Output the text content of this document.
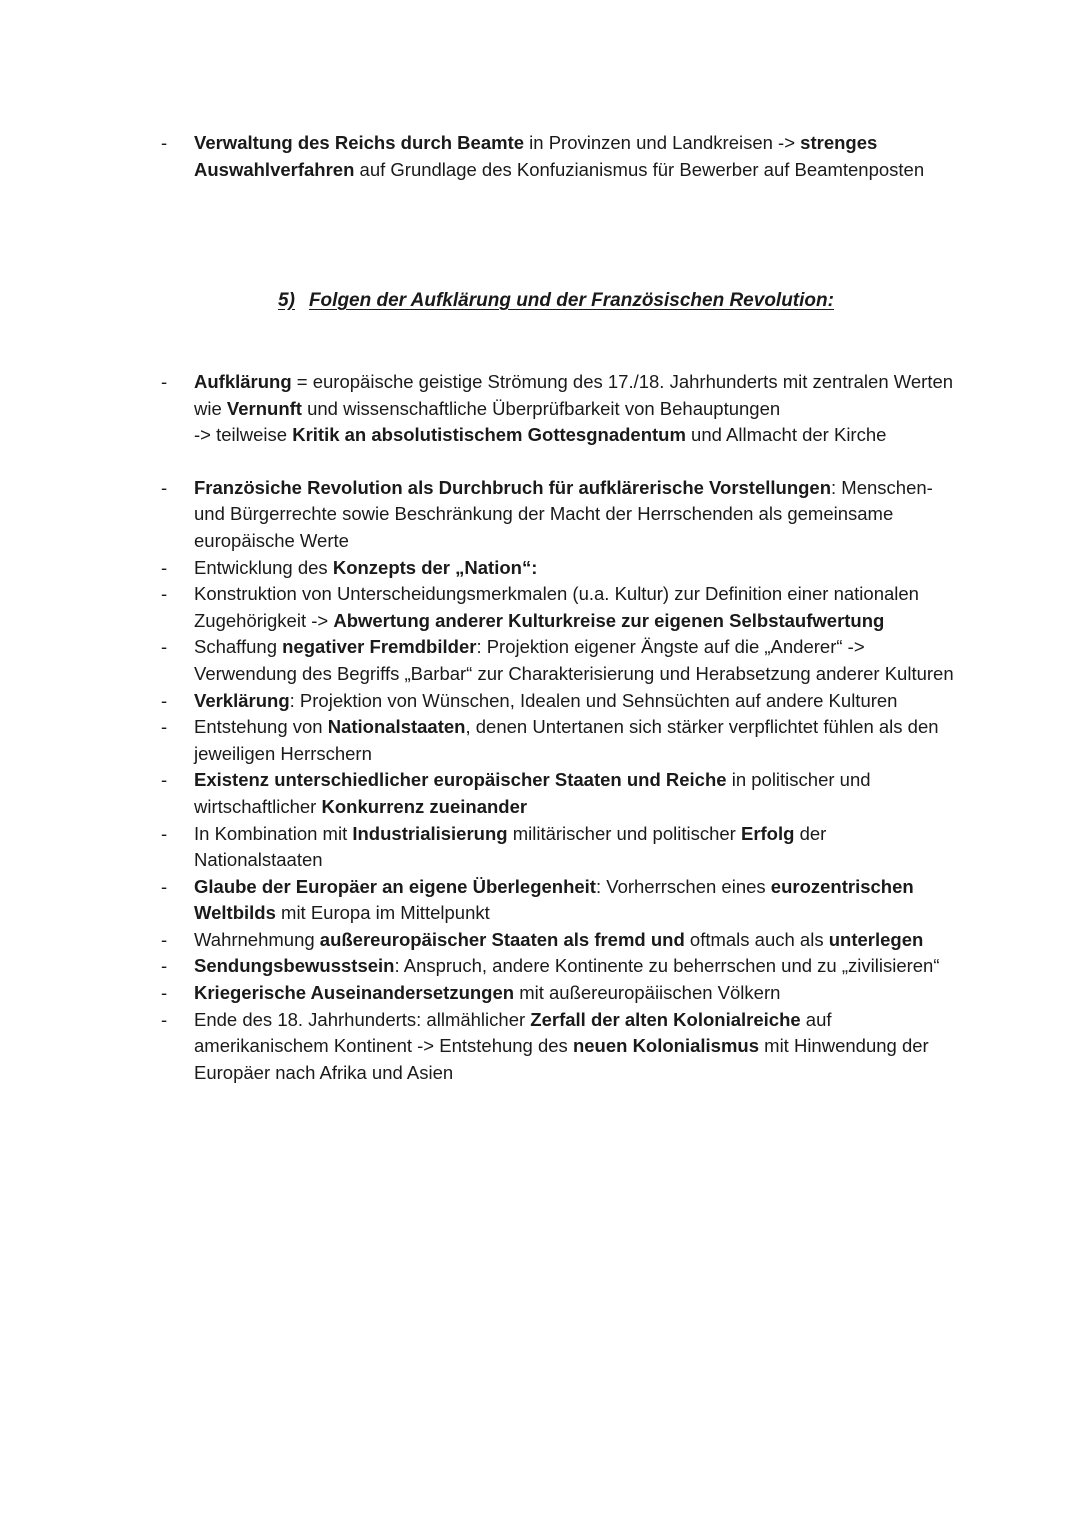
- Verwaltung des Reichs durch Beamte in Provinzen und Landkreisen -> strenges Auswahlverfahren auf Grundlage des Konfuzianismus für Bewerber auf Beamtenposten
5) Folgen der Aufklärung und der Französischen Revolution:
- Aufklärung = europäische geistige Strömung des 17./18. Jahrhunderts mit zentralen Werten wie Vernunft und wissenschaftliche Überprüfbarkeit von Behauptungen
-> teilweise Kritik an absolutistischem Gottesgnadentum und Allmacht der Kirche
- Französiche Revolution als Durchbruch für aufklärerische Vorstellungen: Menschen- und Bürgerrechte sowie Beschränkung der Macht der Herrschenden als gemeinsame europäische Werte
- Entwicklung des Konzepts der „Nation“:
- Konstruktion von Unterscheidungsmerkmalen (u.a. Kultur) zur Definition einer nationalen Zugehörigkeit -> Abwertung anderer Kulturkreise zur eigenen Selbstaufwertung
- Schaffung negativer Fremdbilder: Projektion eigener Ängste auf die „Anderer“ -> Verwendung des Begriffs „Barbar“ zur Charakterisierung und Herabsetzung anderer Kulturen
- Verklärung: Projektion von Wünschen, Idealen und Sehnsüchten auf andere Kulturen
- Entstehung von Nationalstaaten, denen Untertanen sich stärker verpflichtet fühlen als den jeweiligen Herrschern
- Existenz unterschiedlicher europäischer Staaten und Reiche in politischer und wirtschaftlicher Konkurrenz zueinander
- In Kombination mit Industrialisierung militärischer und politischer Erfolg der Nationalstaaten
- Glaube der Europäer an eigene Überlegenheit: Vorherrschen eines eurozentrischen Weltbilds mit Europa im Mittelpunkt
- Wahrnehmung außereuropäischer Staaten als fremd und oftmals auch als unterlegen
- Sendungsbewusstsein: Anspruch, andere Kontinente zu beherrschen und zu „zivilisieren“
- Kriegerische Auseinandersetzungen mit außereuropäiischen Völkern
- Ende des 18. Jahrhunderts: allmählicher Zerfall der alten Kolonialreiche auf amerikanischem Kontinent -> Entstehung des neuen Kolonialismus mit Hinwendung der Europäer nach Afrika und Asien
